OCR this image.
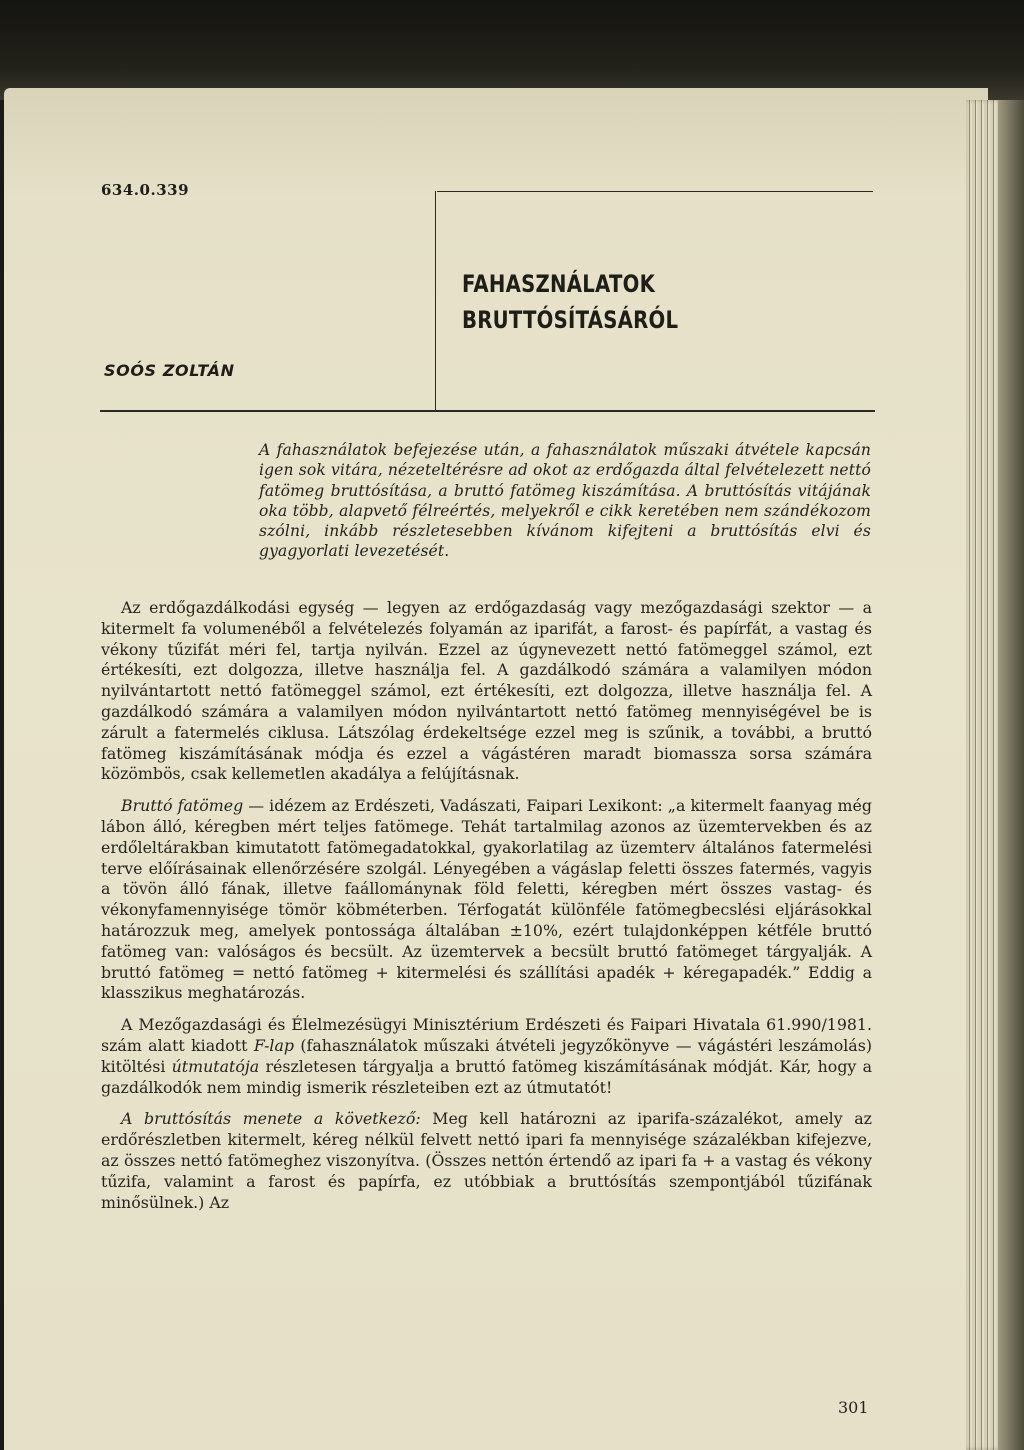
634.0.339
FAHASZNÁLATOK
BRUTTÓSÍTÁSÁRÓL
SOÓS ZOLTÁN
A fahasználatok befejezése után, a fahasználatok műszaki átvétele kapcsán igen sok vitára, nézeteltérésre ad okot az erdőgazda által felvételezett nettó fatömeg bruttósítása, a bruttó fatömeg kiszámítása. A bruttósítás vitájának oka több, alapvető félreértés, melyekről e cikk keretében nem szándékozom szólni, inkább részletesebben kívánom kifejteni a bruttósítás elvi és gyagyorlati levezetését.

Az erdőgazdálkodási egység — legyen az erdőgazdaság vagy mezőgazdasági szektor — a kitermelt fa volumenéből a felvételezés folyamán az iparifát, a farost- és papírfát, a vastag és vékony tűzifát méri fel, tartja nyilván. Ezzel az úgynevezett nettó fatömeggel számol, ezt értékesíti, ezt dolgozza, illetve használja fel. A gazdálkodó számára a valamilyen módon nyilvántartott nettó fatömeggel számol, ezt értékesíti, ezt dolgozza, illetve használja fel. A gazdálkodó számára a valamilyen módon nyilvántartott nettó fatömeg mennyiségével be is zárult a fatermelés ciklusa. Látszólag érdekeltsége ezzel meg is szűnik, a további, a bruttó fatömeg kiszámításának módja és ezzel a vágástéren maradt biomassza sorsa számára közömbös, csak kellemetlen akadálya a felújításnak.

Bruttó fatömeg — idézem az Erdészeti, Vadászati, Faipari Lexikont: „a kitermelt faanyag még lábon álló, kéregben mért teljes fatömege. Tehát tartalmilag azonos az üzemtervekben és az erdőleltárakban kimutatott fatömegadatokkal, gyakorlatilag az üzemterv általános fatermelési terve előírásainak ellenőrzésére szolgál. Lényegében a vágáslap feletti összes fatermés, vagyis a tövön álló fának, illetve faállománynak föld feletti, kéregben mért összes vastag- és vékonyfamennyisége tömör köbméterben. Térfogatát különféle fatömegbecslési eljárásokkal határozzuk meg, amelyek pontossága általában ±10%, ezért tulajdonképpen kétféle bruttó fatömeg van: valóságos és becsült. Az üzemtervek a becsült bruttó fatömeget tárgyalják. A bruttó fatömeg = nettó fatömeg + kitermelési és szállítási apadék + kéregapadék.” Eddig a klasszikus meghatározás.

A Mezőgazdasági és Élelmezésügyi Minisztérium Erdészeti és Faipari Hivatala 61.990/1981. szám alatt kiadott F-lap (fahasználatok műszaki átvételi jegyzőkönyve — vágástéri leszámolás) kitöltési útmutatója részletesen tárgyalja a bruttó fatömeg kiszámításának módját. Kár, hogy a gazdálkodók nem mindig ismerik részleteiben ezt az útmutatót!

A bruttósítás menete a következő: Meg kell határozni az iparifa-százalékot, amely az erdőrészletben kitermelt, kéreg nélkül felvett nettó ipari fa mennyisége százalékban kifejezve, az összes nettó fatömeghez viszonyítva. (Összes nettón értendő az ipari fa + a vastag és vékony tűzifa, valamint a farost és papírfa, ez utóbbiak a bruttósítás szempontjából tűzifának minősülnek.) Az

301
